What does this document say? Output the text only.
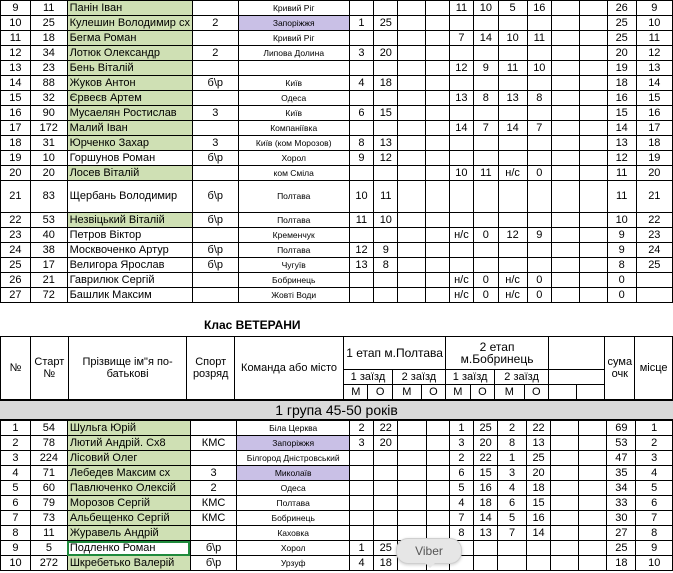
9	11	Панін Іван		Кривий Ріг					11	10	5	16			26	9
10	25	Кулешин Володимир сх	2	Запоріжжя	1	25									25	10
11	18	Бегма Роман		Кривий Ріг					7	14	10	11			25	11
12	34	Лотюк Олександр	2	Липова Долина	3	20									20	12
13	23	Бень Віталій							12	9	11	10			19	13
14	88	Жуков Антон	б\р	Київ	4	18									18	14
15	32	Єрвеєв Артем		Одеса					13	8	13	8			16	15
16	90	Мусаелян Ростислав	3	Київ	6	15									15	16
17	172	Малий Іван		Компаніївка					14	7	14	7			14	17
18	31	Юрченко Захар	3	Київ (ком Морозов)	8	13									13	18
19	10	Горшунов Роман	б\р	Хорол	9	12									12	19
20	20	Лосев Віталій		ком Сміла					10	11	н/с	0			11	20
21	83	Щербань Володимир	б\р	Полтава	10	11									11	21
22	53	Незвіцький Віталій	б\р	Полтава	11	10									10	22
23	40	Петров Віктор		Кременчук					н/с	0	12	9			9	23
24	38	Москвоченко Артур	б\р	Полтава	12	9									9	24
25	17	Велигора Ярослав	б\р	Чугуїв	13	8									8	25
26	21	Гаврилюк Сергій		Бобринець					н/с	0	н/с	0			0	
27	72	Башлик Максим		Жовті Води					н/с	0	н/с	0			0	
Клас ВЕТЕРАНИ
№	Старт №	Прізвище ім"я по-батькові	Спорт розряд	Команда або місто	1 етап м.Полтава				2 етап м.Бобринець						сума очк	місце
					1 заїзд		2 заїзд		1 заїзд		2 заїзд					
					М	О	М	О	М	О	М	О				
1 група 45-50 років
1	54	Шульга Юрій		Біла Церква	2	22			1	25	2	22			69	1
2	78	Лютий Андрій. Сх8	КМС	Запоріжжя	3	20			3	20	8	13			53	2
3	224	Лісовий Олег		Білгород Дністровський					2	22	1	25			47	3
4	71	Лебедев Максим сх	3	Миколаїв					6	15	3	20			35	4
5	60	Павлюченко Олексій	2	Одеса					5	16	4	18			34	5
6	79	Морозов Сергій	КМС	Полтава					4	18	6	15			33	6
7	73	Альбещенко Сергій	КМС	Бобринець					7	14	5	16			30	7
8	11	Журавель Андрій		Каховка					8	13	7	14			27	8
9	5	Подленко Роман	б\р	Хорол	1	25									25	9
10	272	Шкребетько Валерій	б\р	Урзуф	4	18									18	10
Viber
